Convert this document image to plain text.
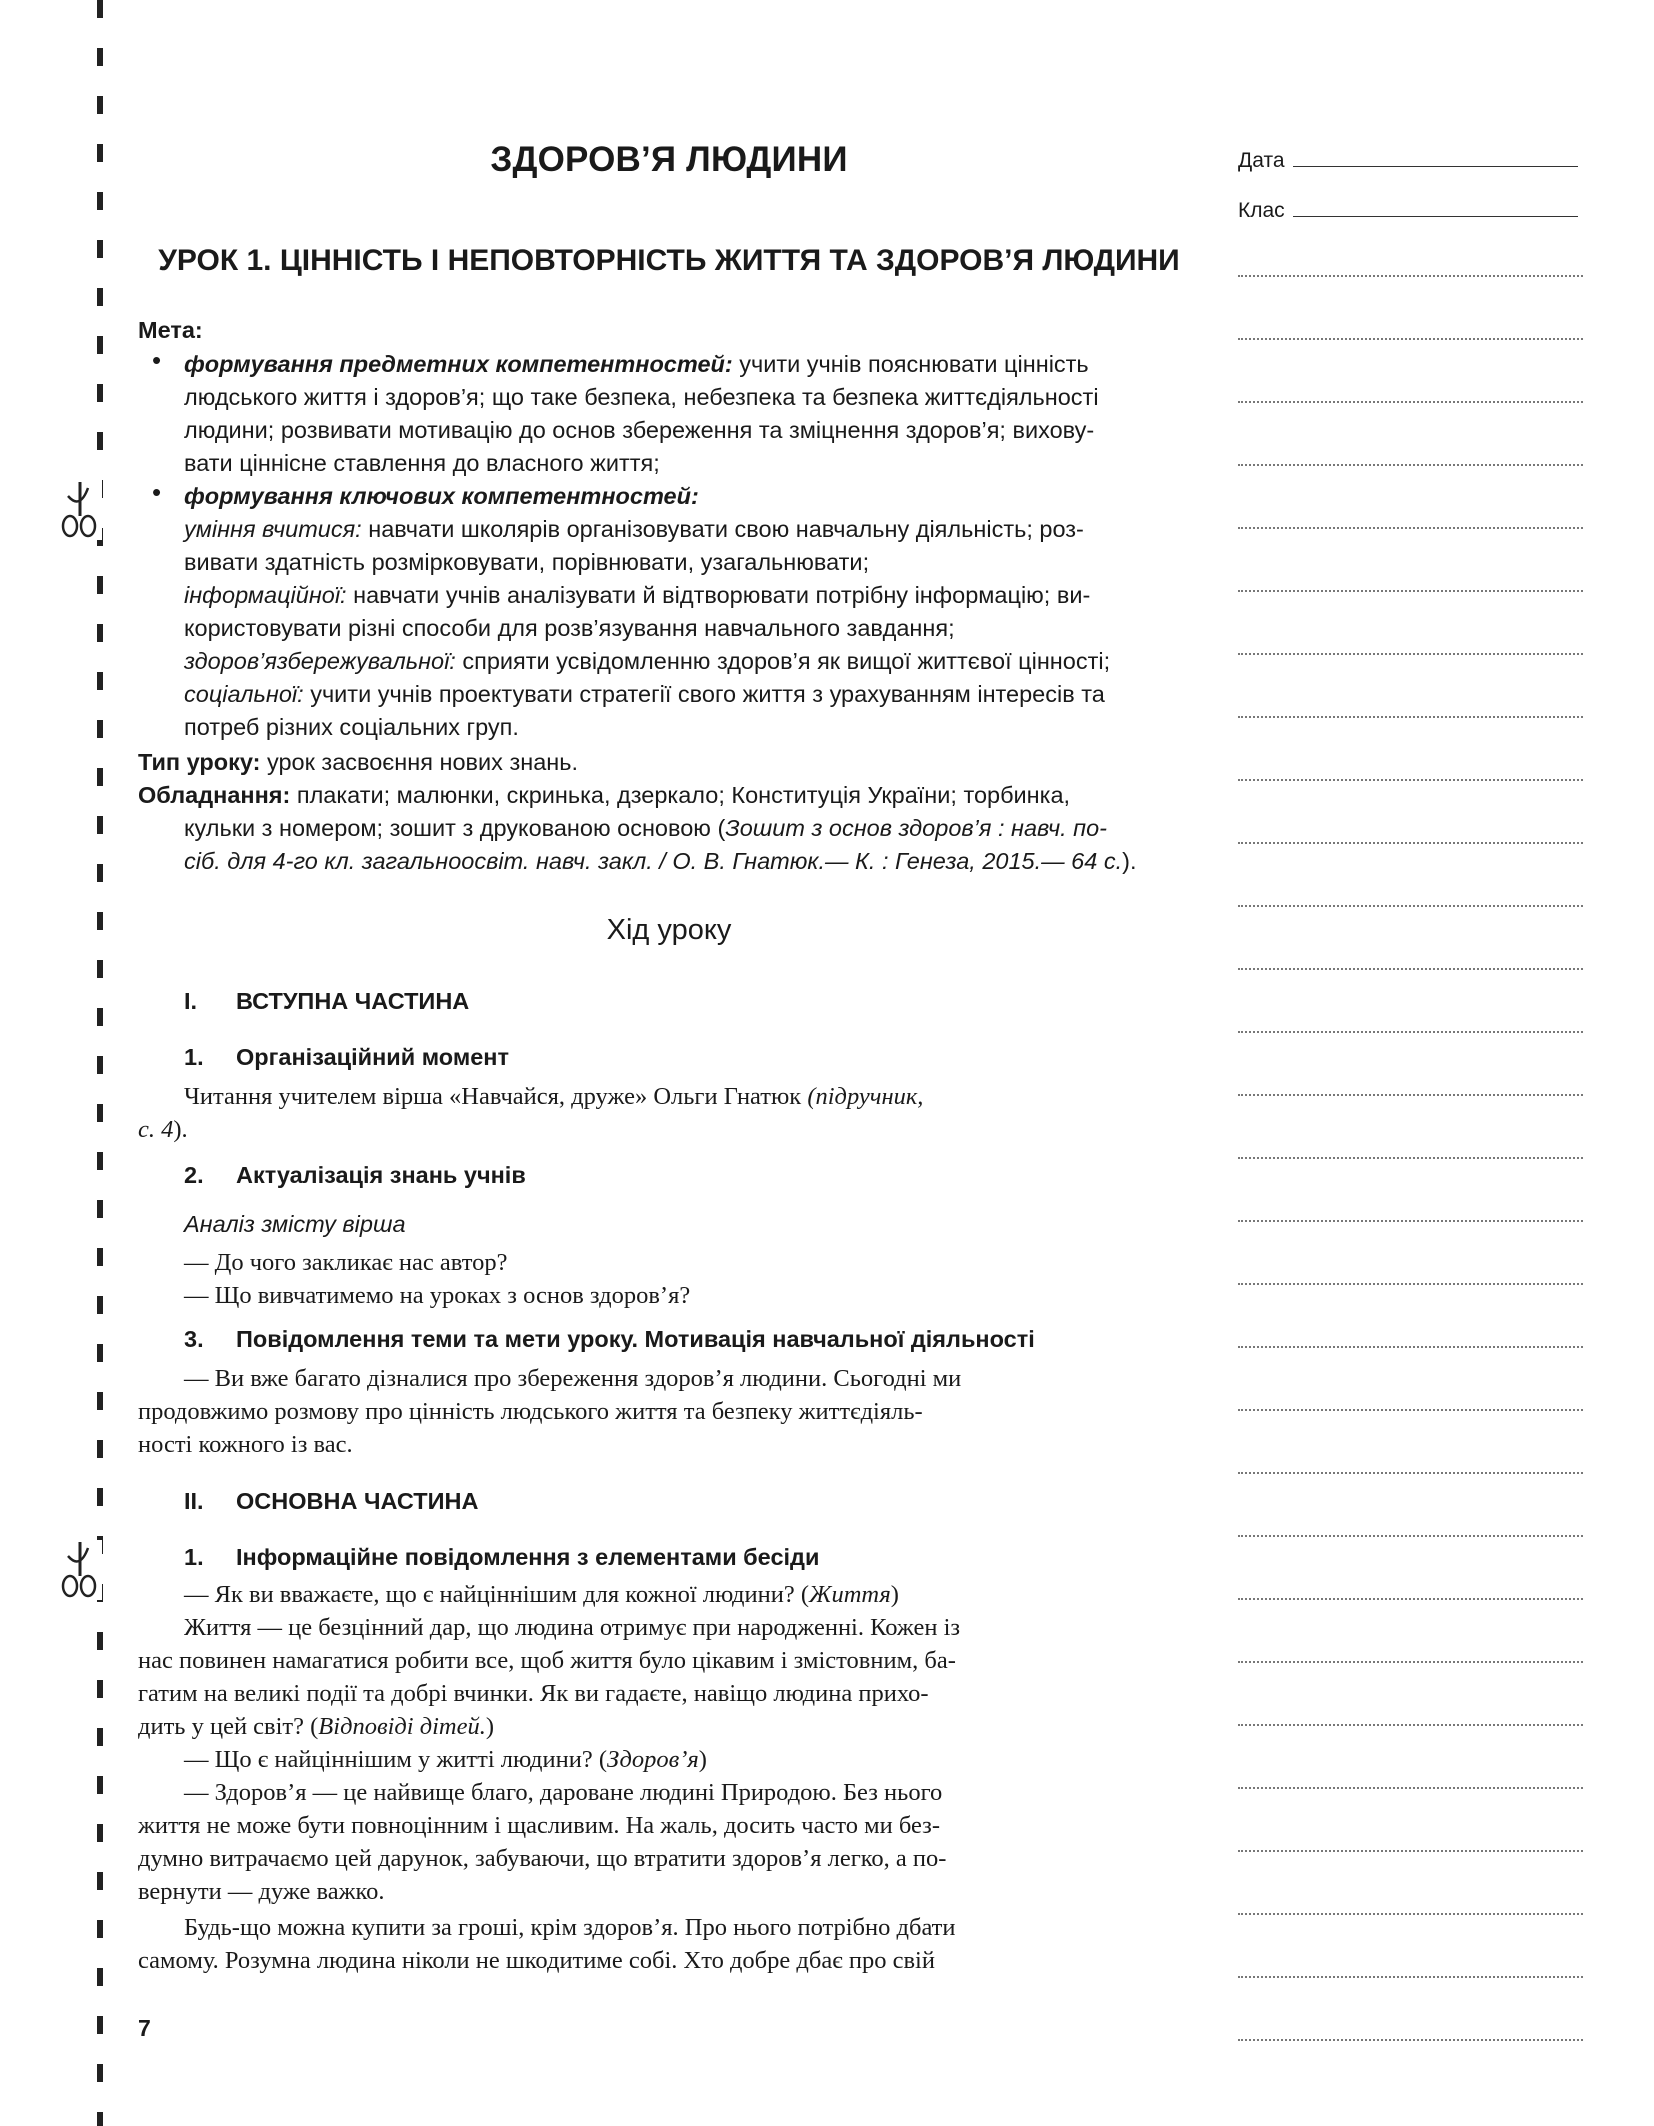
Дата
Клас
ЗДОРОВ’Я ЛЮДИНИ
УРОК 1. ЦІННІСТЬ І НЕПОВТОРНІСТЬ ЖИТТЯ ТА ЗДОРОВ’Я ЛЮДИНИ
Мета:
• формування предметних компетентностей: учити учнів пояснювати цінність
людського життя і здоров’я; що таке безпека, небезпека та безпека життєдіяльності
людини; розвивати мотивацію до основ збереження та зміцнення здоров’я; вихову-
вати ціннісне ставлення до власного життя;
• формування ключових компетентностей:
уміння вчитися: навчати школярів організовувати свою навчальну діяльність; роз-
вивати здатність розмірковувати, порівнювати, узагальнювати;
інформаційної: навчати учнів аналізувати й відтворювати потрібну інформацію; ви-
користовувати різні способи для розв’язування навчального завдання;
здоров’язбережувальної: сприяти усвідомленню здоров’я як вищої життєвої цінності;
соціальної: учити учнів проектувати стратегії свого життя з урахуванням інтересів та
потреб різних соціальних груп.
Тип уроку: урок засвоєння нових знань.
Обладнання: плакати; малюнки, скринька, дзеркало; Конституція України; торбинка,
кульки з номером; зошит з друкованою основою (Зошит з основ здоров’я : навч. по-
сіб. для 4-го кл. загальноосвіт. навч. закл. / О. В. Гнатюк.— К. : Генеза, 2015.— 64 с.).
Хід уроку
I. ВСТУПНА ЧАСТИНА
1. Організаційний момент
Читання учителем вірша «Навчайся, друже» Ольги Гнатюк (підручник,
с. 4).
2. Актуалізація знань учнів
Аналіз змісту вірша
— До чого закликає нас автор?
— Що вивчатимемо на уроках з основ здоров’я?
3. Повідомлення теми та мети уроку. Мотивація навчальної діяльності
— Ви вже багато дізналися про збереження здоров’я людини. Сьогодні ми
продовжимо розмову про цінність людського життя та безпеку життєдіяль-
ності кожного із вас.
II. ОСНОВНА ЧАСТИНА
1. Інформаційне повідомлення з елементами бесіди
— Як ви вважаєте, що є найціннішим для кожної людини? (Життя)
Життя — це безцінний дар, що людина отримує при народженні. Кожен із
нас повинен намагатися робити все, щоб життя було цікавим і змістовним, ба-
гатим на великі події та добрі вчинки. Як ви гадаєте, навіщо людина прихо-
дить у цей світ? (Відповіді дітей.)
— Що є найціннішим у житті людини? (Здоров’я)
— Здоров’я — це найвище благо, дароване людині Природою. Без нього
життя не може бути повноцінним і щасливим. На жаль, досить часто ми без-
думно витрачаємо цей дарунок, забуваючи, що втратити здоров’я легко, а по-
вернути — дуже важко.
Будь-що можна купити за гроші, крім здоров’я. Про нього потрібно дбати
самому. Розумна людина ніколи не шкодитиме собі. Хто добре дбає про свій
7
